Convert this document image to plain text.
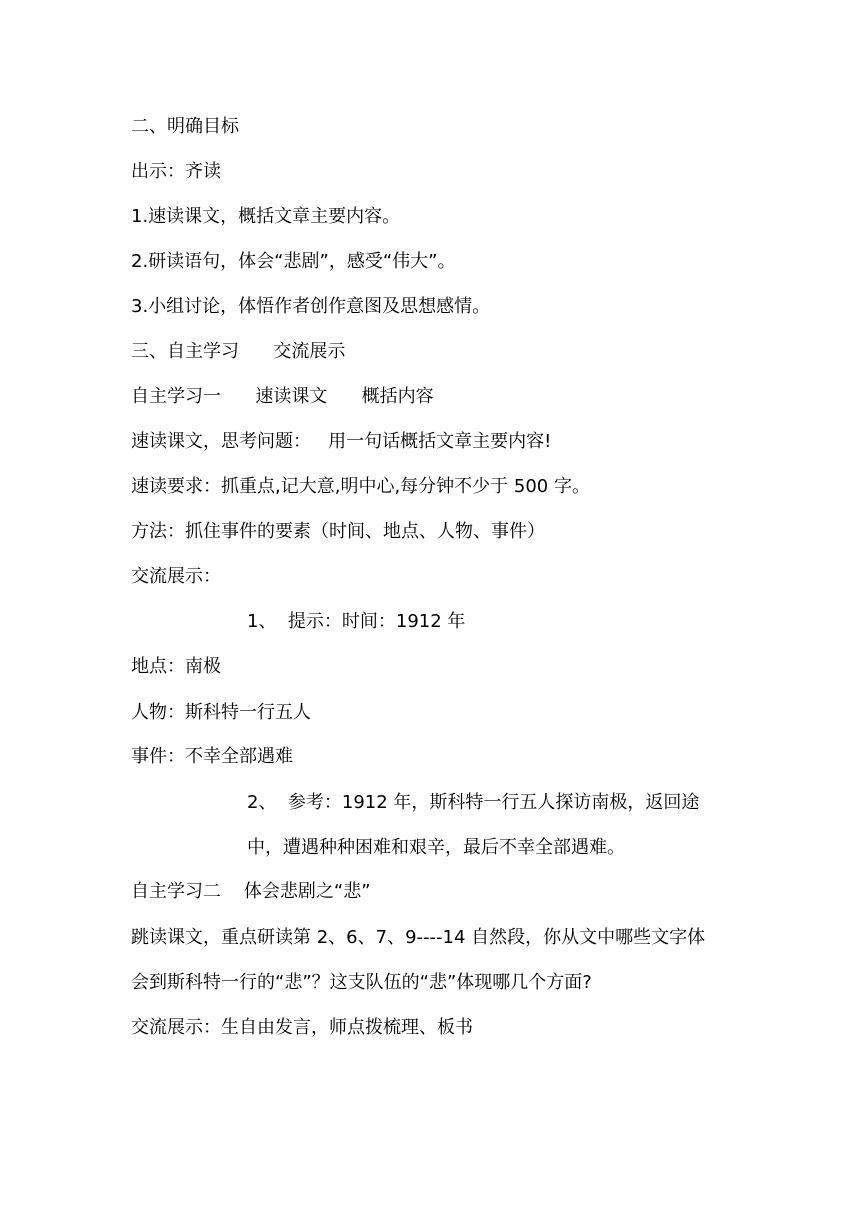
二、明确目标
出示：齐读
1.速读课文，概括文章主要内容。
2.研读语句，体会“悲剧”，感受“伟大”。
3.小组讨论，体悟作者创作意图及思想感情。
三、自主学习      交流展示
自主学习一      速读课文      概括内容
速读课文，思考问题：   用一句话概括文章主要内容!
速读要求：抓重点,记大意,明中心,每分钟不少于 500 字。
方法：抓住事件的要素（时间、地点、人物、事件）
交流展示：
1、  提示：时间：1912 年
地点：南极
人物：斯科特一行五人
事件：不幸全部遇难
2、  参考：1912 年，斯科特一行五人探访南极，返回途
中，遭遇种种困难和艰辛，最后不幸全部遇难。
自主学习二    体会悲剧之“悲”
跳读课文，重点研读第 2、6、7、9----14 自然段，你从文中哪些文字体
会到斯科特一行的“悲”？这支队伍的“悲”体现哪几个方面?
交流展示：生自由发言，师点拨梳理、板书
